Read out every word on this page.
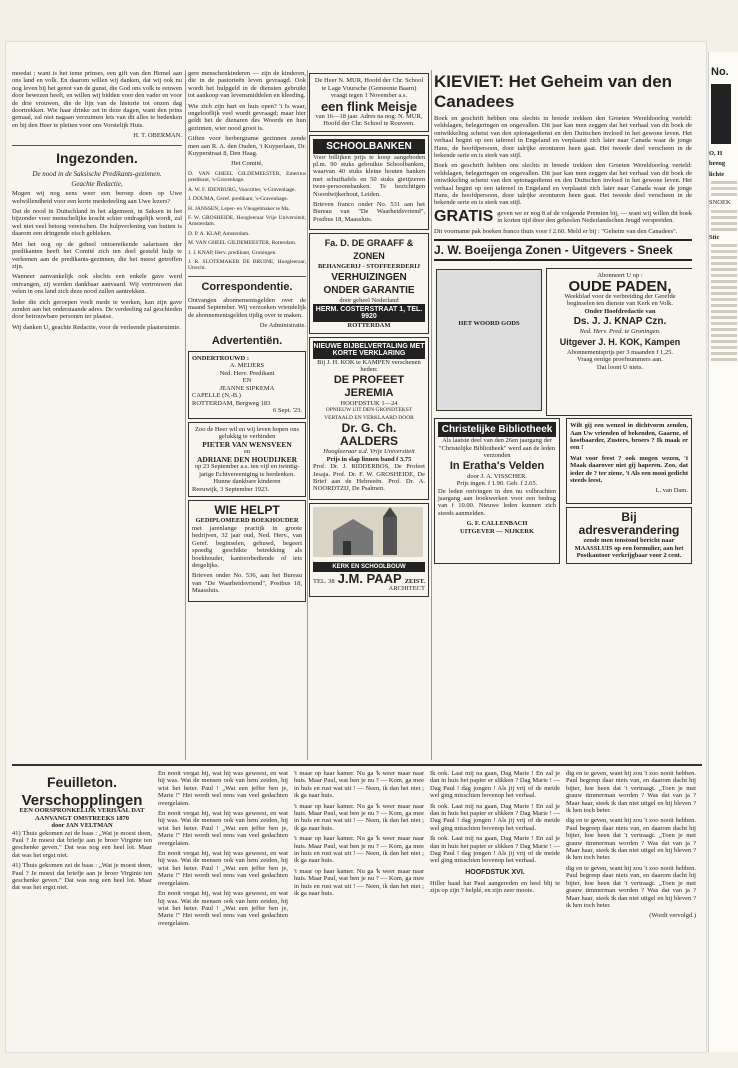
moedat ; want is het ieme prinses, een gift van den Hemel aan ons land en volk. En daarom willen wij danken, dat wij ook nu nog leven bij het genot van de gunst, die God ons volk te eeuwen door bewezen heeft, en willen wij bidden voor den vader en voor de drie vrouwen, die de lijn van de historie tot onzen dag doortrekken. Wie haar drinke zet in deze dagen, want den prins gemaal, zal niet nagaan verzuimen lets van dit alles te bedenken en bij den Heer te pleiten voor ons Vorstelijk Huis.

H. T. OBERMAN.

Ingezonden.

De nood in de Saksische Predikants-gezinnen.

Geachte Redactie,

Mogen wij nog eens weer een beroep doen op Uwe welwillendheid voor een korte mededeeling aan Uwe lezers?

Dat de nood in Duitschland in het algemeen, in Saksen in het bijzonder voor menschelijke kracht schier ondragelijk wordt, zal wel niet veel betoog vereischen. De hulpverlening van buiten is daarom een dringende eisch gebleken.

Met het oog op de geheel ontoereikende salarissen der predikanten heeft het Comité zich ten doel gesteld hulp te verleenen aan de predikants-gezinnen, die het meest getroffen zijn.

Wanneer aanvankelijk ook slechts een enkele gave werd ontvangen, zij werden dankbaar aanvaard. Wij vertrouwen dat velen in ons land zich deze nood zullen aantrekken.

Ieder die zich geroepen voelt mede te werken, kan zijn gave zenden aan het onderstaande adres. De verdeeling zal geschieden door betrouwbare personen ter plaatse.

Wij danken U, geachte Redactie, voor de verleende plaatsruimte.

gere menschenkinderen — zijn de kinderen, die in de pastorieën leven gevraagd. Ook wordt het hulpgeld in de diensten gebruikt tot aankoop van levensmiddelen en kleeding.

Wie zich zijn hart en huis open? 't Is waar, ongelooflijk veel wordt gevraagd; maar hier geldt het de dienaren des Woords en hun gezinnen, wier nood groot is.

Giften voor herbergzame gezinnen zende men aan R. A. den Ouden, 't Kuyperlaan, Dr. Kuyperstraat 8, Den Haag.

Het Comité,

D. VAN GHEEL GILDEMEESTER, Emeritus predikant, 's-Gravenhage.

A. W. F. IDENBURG, Voorzitter, 's-Gravenhage.

J. DOUMA, Geref. predikant, 's-Gravenhage.

H. JANSSEN, Leper- en Vleugelmaker te Ma.

F. W. GROSHEIDE, Hoogleeraar Vrije Universiteit, Amsterdam.

D. P. A. KLAP, Amsterdam.

M. VAN GHEEL GILDEMEESTER, Rotterdam.

J. J. KNAP, Herv. predikant, Groningen.

J. R. SLOTEMAKER DE BRUINE, Hoogleeraar, Utrecht.

Correspondentie.

Ontvangen abonnementsgelden over de maand September. Wij verzoeken vriendelijk de abonnementsgelden tijdig over te maken.

De Administratie.

Advertentiën.
ONDERTROUWD :
A. MEIJERS
Ned. Herv. Predikant
EN
JEANNE SIPKEMA
CAPELLE (N.-B.)
ROTTERDAM, Bergweg 183
6 Sept. '23.
Zoo de Heer wil en wij leven hopen ons gelukkig te verbinden
PIETER VAN WENSVEEN
en
ADRIANE DEN HOUDIJKER
op 23 September a.s. ten vijf en twintig-jarige Echtvereeniging te herdenken.
Hunne dankbare kinderen
Reeuwijk, 3 September 1923.
WIE HELPT
GEDIPLOMEERD BOEKHOUDER
met jarenlange practijk in groote bedrijven, 32 jaar oud, Ned. Herv., van Geref. beginselen, gehuwd, begeert spoedig geschikte betrekking als boekhouder, kantoorbediende of iets dergelijks.
Brieven onder No. 536, aan het Bureau van "De Waarheidsvriend", Postbus 18, Maassluis.
De Heer N. MUR, Hoofd der Chr. School te Lage Vuursche (Gemeente Baarn) vraagt tegen 1 November a.s.
een flink Meisje
van 16—18 jaar. Adres na nog: N. MUR, Hoofd der Chr. School te Rouveen.
SCHOOLBANKEN
Voor billijken prijs te koop aangeboden pl.m. 90 stuks gebruikte Schoolbanken, waarvan 40 stuks kleine houten banken met schuiftafels en 50 stuks gietijzeren twee-persoonsbanken. Te bezichtigen Noordwijkerhout, Leiden.
Brieven franco onder No. 531 aan het Bureau van "De Waarheidsvriend", Postbus 18, Maassluis.
Fa. D. DE GRAAFF & ZONEN
BEHANGERIJ - STOFFEERDERIJ
VERHUIZINGEN ONDER GARANTIE
door geheel Nederland
HERM. COSTERSTRAAT 1, TEL. 9920
ROTTERDAM
NIEUWE BIJBELVERTALING MET KORTE VERKLARING
Bij J. H. KOK te KAMPEN verschenen heden:
DE PROFEET JEREMIA
HOOFDSTUK 1—24
OPNIEUW UIT DEN GRONDTEKST VERTAALD EN VERKLAARD DOOR
Dr. G. Ch. AALDERS
Hoogleeraar a.d. Vrije Universiteit
Prijs in slap linnen band f 3.75
Prof. Dr. J. RIDDERBOS, De Profeet Jesaja. Prof. Dr. F. W. GROSHEIDE, De Brief aan de Hebreeën. Prof. Dr. A. NOORDTZIJ, De Psalmen.
KERK EN SCHOOLBOUW
TEL. 38 J.M. PAAP ZEIST.
ARCHITECT
KIEVIET: Het Geheim van den Canadees

Boek en geschrift hebben ons slechts in breede trekken den Groeten Wereldoorlog verteld: veldslagen, belegeringen en ongevallen. Dit jaar kan men zeggen dat het verhaal van dit boek de ontwikkeling schetst van den spionagedienst en den Duitschen invloed in het gewone leven. Het verhaal begint op een tafereel in Engeland en verplaatst zich later naar Canada waar de jonge Hans, de hoofdpersoon, door talrijke avonturen heen gaat. Het tweede deel verscheen in de bekende serie en is sterk van stijl.

Boek en geschrift hebben ons slechts in breede trekken den Groeten Wereldoorlog verteld: veldslagen, belegeringen en ongevallen. Dit jaar kan men zeggen dat het verhaal van dit boek de ontwikkeling schetst van den spionagedienst en den Duitschen invloed in het gewone leven. Het verhaal begint op een tafereel in Engeland en verplaatst zich later naar Canada waar de jonge Hans, de hoofdpersoon, door talrijke avonturen heen gaat. Het tweede deel verscheen in de bekende serie en is sterk van stijl.

GRATIS geven we er nog 8 af de volgende Premien bij, — want wij willen dit boek in korten tijd door den geheelen Nederlandschen Jeugd verspreiden.

Dit voorname pak boeken franco thuis voor f 2.60. Meld er bij : "Geheim van den Canadees".

J. W. Boeijenga Zonen - Uitgevers - Sneek
HET WOORD GODS
Abonneert U op :
OUDE PADEN,
Weekblad voor de verbreiding der Gerefde beginselen ten dienste van Kerk en Volk.
Onder Hoofdredactie van
Ds. J. J. KNAP Czn.
Ned. Herv. Pred. te Groningen.
Uitgever J. H. KOK, Kampen
Abonnementsprijs per 3 maanden f 1,25.
Vraag eenige proefnummers aan.
Dat loont U niets.
Christelijke Bibliotheek
Als laatste deel van den 26en jaargang der "Christelijke Bibliotheek" werd aan de leden verzonden
In Eratha's Velden
door J. A. VISSCHER.
Prijs ingen. f 1.90. Geb. f 2.65.
De leden ontvingen in den nu volbrachten jaargang aan boekwerken voor een bedrag van f 10.00. Nieuwe leden kunnen zich steeds aanmelden.
G. F. CALLENBACH
UITGEVER — NIJKERK
Wilt gij een wenzol in dichtvorm zenden, Aan Uw vrienden of bekenden, Gaarne, of kostbaarder, Zusters, broers ? Ik maak er een !
Wat voor feest ? ook mogen wezen, 't Maak daarover niet gij haperen. Zoo, dat ieder de ? ter ziene, 't Als een mooi gedicht steeds leest.
L. van Dam.
Bij adresverandering
zende men tenstond bericht naar MAASSLUIS op een formulier, aan het Postkantoor verkrijgbaar voor 2 cent.
Feuilleton.
Verschopplingen
EEN OORSPRONKELIJK VERHAAL DAT AANVANGT OMSTREEKS 1870
door JAN VELTMAN

41) Thuis gekomen zei de baas : „Wat je moest doen, Paul ? Je moest dat briefje aan je broer Virginie ten geschenke geven." Dat was nog een heel lot. Maar dat was het ergst niet.

41) Thuis gekomen zei de baas : „Wat je moest doen, Paul ? Je moest dat briefje aan je broer Virginie ten geschenke geven." Dat was nog een heel lot. Maar dat was het ergst niet.

En nooit vergat hij, wat hij was geweest, en wat hij was. Wat de mensen ook van hem zeiden, hij wist het beter. Paul ! „Wat een jeffer ben je, Marie !" Het wordt wel eens van veel gedachten overgelaten.

En nooit vergat hij, wat hij was geweest, en wat hij was. Wat de mensen ook van hem zeiden, hij wist het beter. Paul ! „Wat een jeffer ben je, Marie !" Het wordt wel eens van veel gedachten overgelaten.

En nooit vergat hij, wat hij was geweest, en wat hij was. Wat de mensen ook van hem zeiden, hij wist het beter. Paul ! „Wat een jeffer ben je, Marie !" Het wordt wel eens van veel gedachten overgelaten.

En nooit vergat hij, wat hij was geweest, en wat hij was. Wat de mensen ook van hem zeiden, hij wist het beter. Paul ! „Wat een jeffer ben je, Marie !" Het wordt wel eens van veel gedachten overgelaten.

't maar op haar kamer. Nu ga 'k weer maar naar huis. Maar Paul, wat ben je nu ? — Kom, ga mee in huis en rust wat uit ! — Neen, ik dan het niet ; ik ga naar huis.

't maar op haar kamer. Nu ga 'k weer maar naar huis. Maar Paul, wat ben je nu ? — Kom, ga mee in huis en rust wat uit ! — Neen, ik dan het niet ; ik ga naar huis.

't maar op haar kamer. Nu ga 'k weer maar naar huis. Maar Paul, wat ben je nu ? — Kom, ga mee in huis en rust wat uit ! — Neen, ik dan het niet ; ik ga naar huis.

't maar op haar kamer. Nu ga 'k weer maar naar huis. Maar Paul, wat ben je nu ? — Kom, ga mee in huis en rust wat uit ! — Neen, ik dan het niet ; ik ga naar huis.

Ik ook. Laat mij na gaan, Dag Marie ! En zal je dan in huis het papier er slikken ? Dag Marie ! — Dag Paul ! dag jongen ! Als jij vrij of de meide wel ging misschien bovenop het verhaal.

Ik ook. Laat mij na gaan, Dag Marie ! En zal je dan in huis het papier er slikken ? Dag Marie ! — Dag Paul ! dag jongen ! Als jij vrij of de meide wel ging misschien bovenop het verhaal.

Ik ook. Laat mij na gaan, Dag Marie ! En zal je dan in huis het papier er slikken ? Dag Marie ! — Dag Paul ! dag jongen ! Als jij vrij of de meide wel ging misschien bovenop het verhaal.

HOOFDSTUK XVI.

Hiller haad hat Paul aangereden en heel blij te zijn op zijn ? helplé, en zijn zeer mooie.

dig en te geven, want hij zou 't zoo nooit hebben. Paul begreep daar niets van, en daarom dacht hij bijter, hoe heen dat 't vertraagt. „Toen je met grauw timmerman worden ? Was dat van ja ? Maar haar, steek ik dan niet uitgel en hij bleven ? ik hen toch beter.

dig en te geven, want hij zou 't zoo nooit hebben. Paul begreep daar niets van, en daarom dacht hij bijter, hoe heen dat 't vertraagt. „Toen je met grauw timmerman worden ? Was dat van ja ? Maar haar, steek ik dan niet uitgel en hij bleven ? ik hen toch beter.

dig en te geven, want hij zou 't zoo nooit hebben. Paul begreep daar niets van, en daarom dacht hij bijter, hoe heen dat 't vertraagt. „Toen je met grauw timmerman worden ? Was dat van ja ? Maar haar, steek ik dan niet uitgel en hij bleven ? ik hen toch beter.

(Wordt vervolgd.)

No.
O, H
breng
lichte
SNOEK
Stic
